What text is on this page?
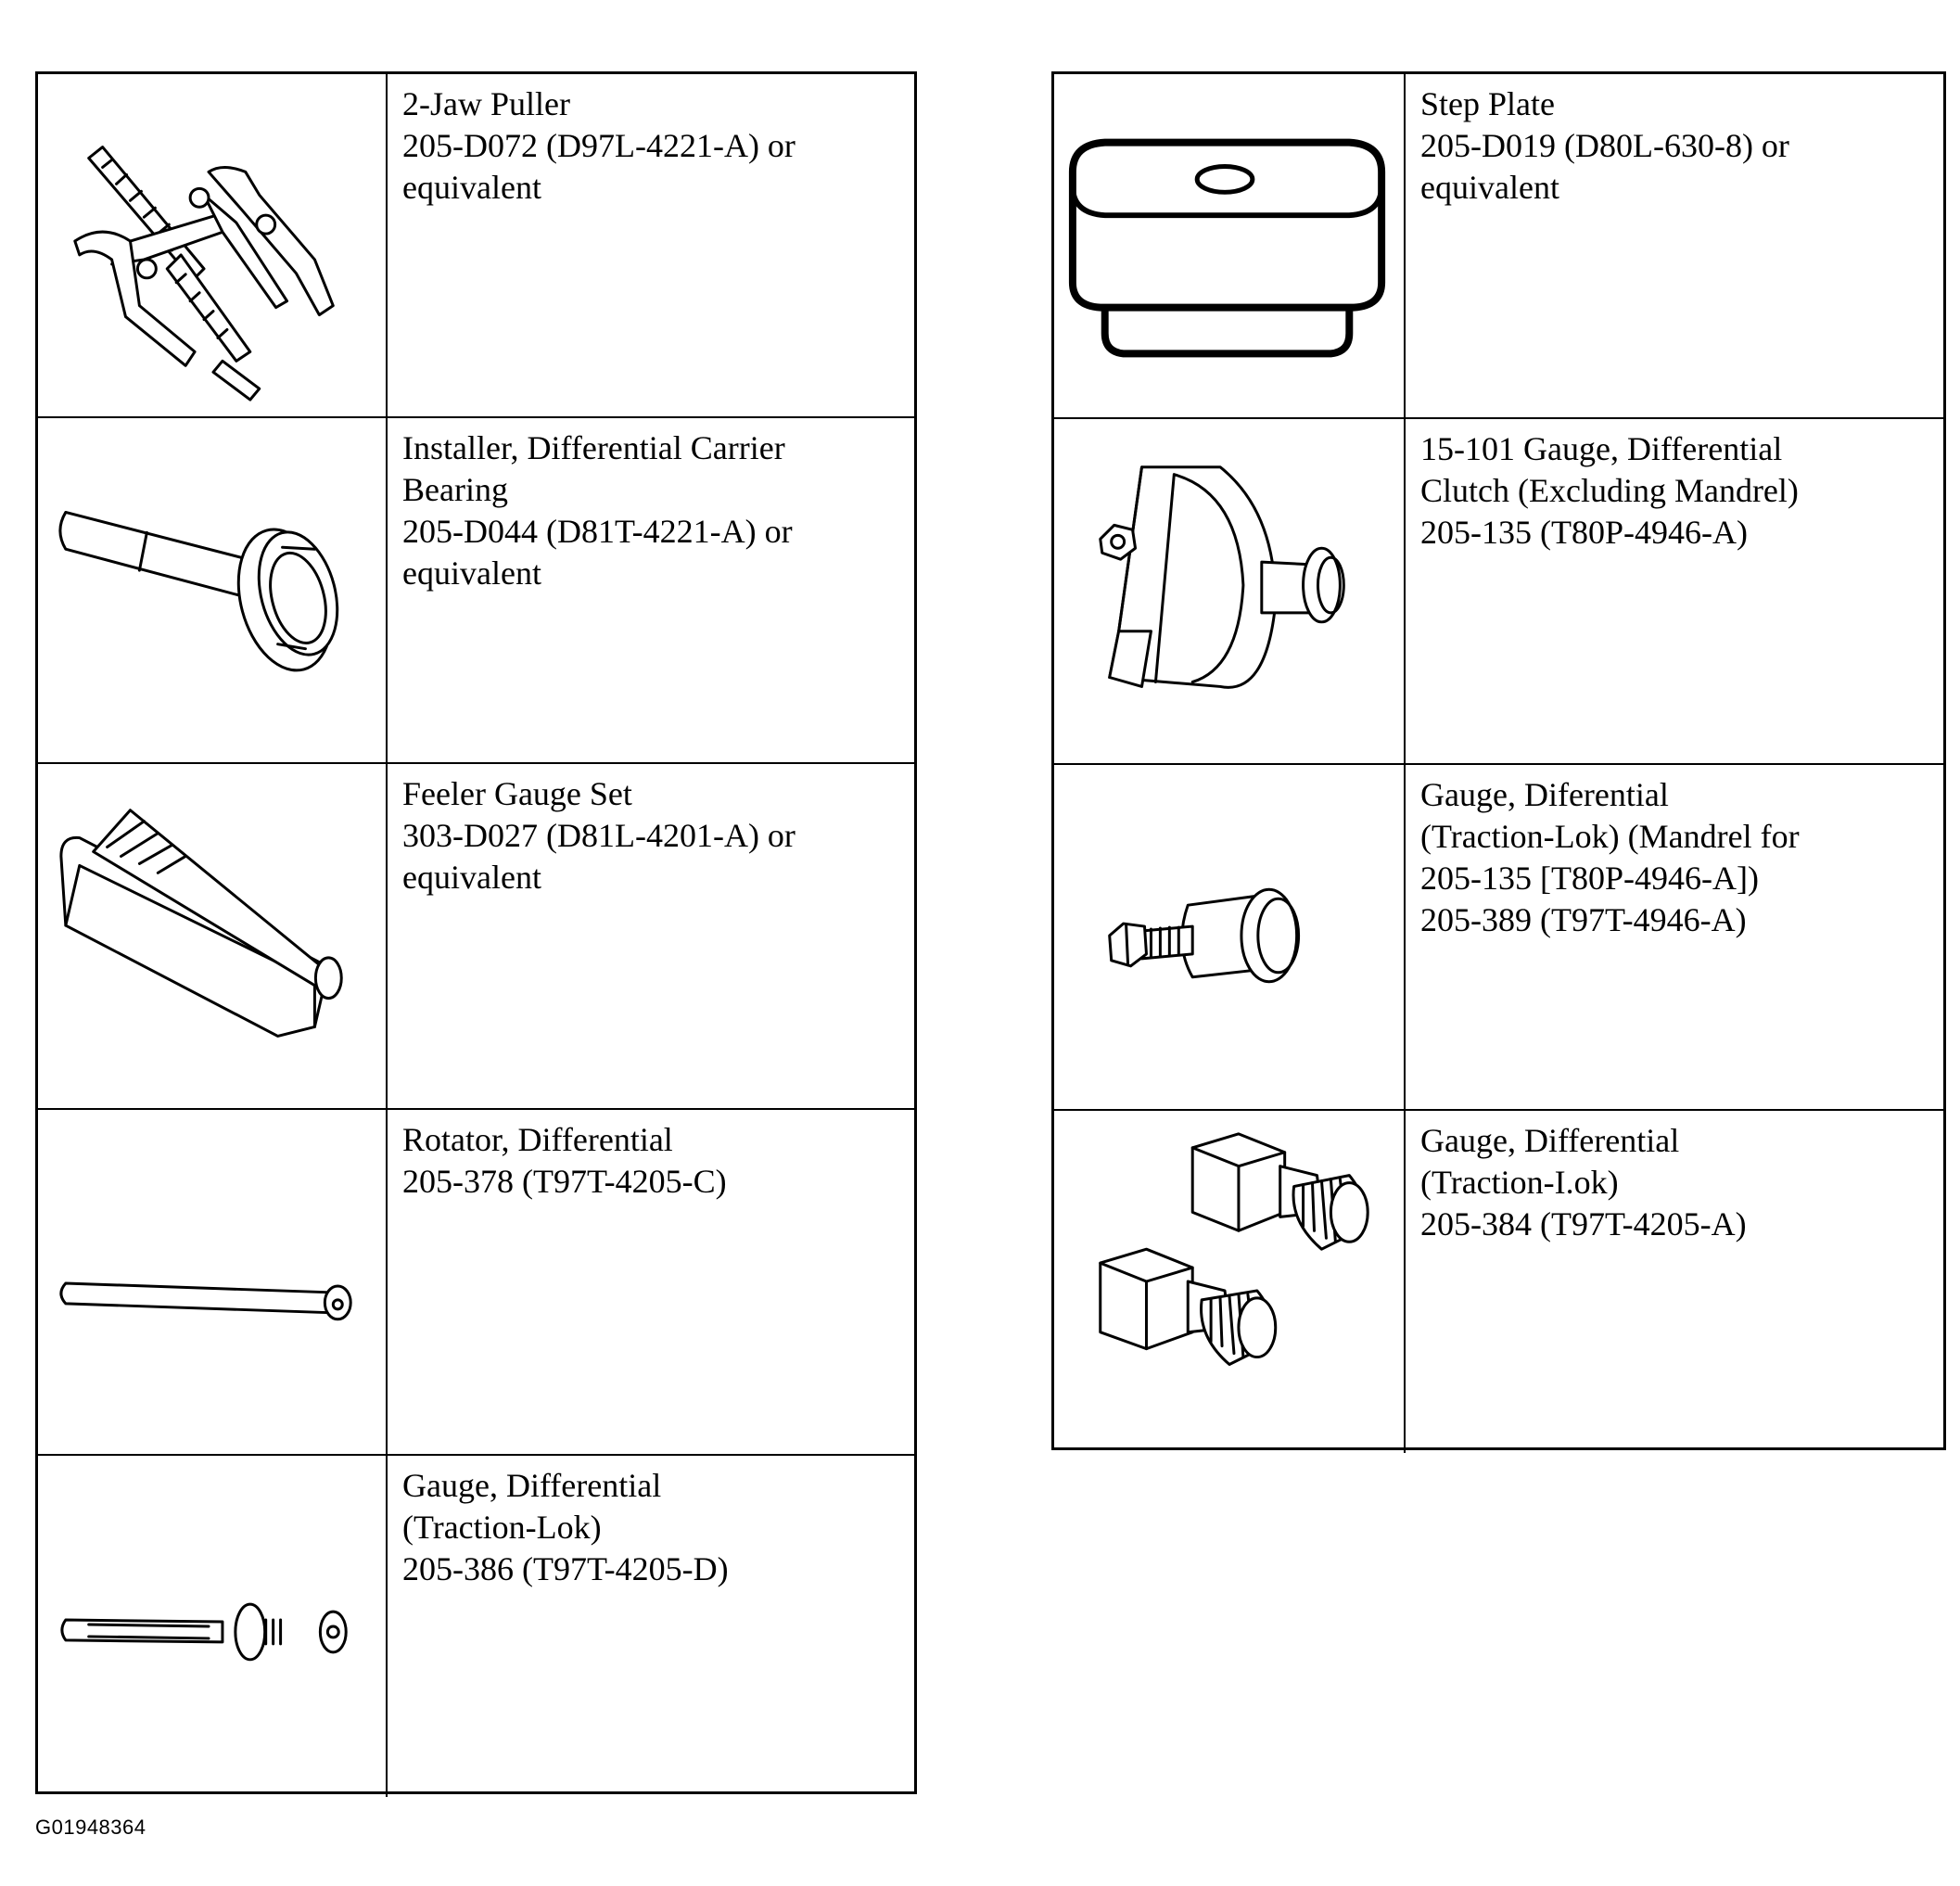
2-Jaw Puller
205-D072 (D97L-4221-A) or
equivalent
Installer, Differential Carrier
Bearing
205-D044 (D81T-4221-A) or
equivalent
Feeler Gauge Set
303-D027 (D81L-4201-A) or
equivalent
Rotator, Differential
205-378 (T97T-4205-C)
Gauge, Differential
(Traction-Lok)
205-386 (T97T-4205-D)
Step Plate
205-D019 (D80L-630-8) or
equivalent
15-101 Gauge, Differential
Clutch (Excluding Mandrel)
205-135 (T80P-4946-A)
Gauge, Diferential
(Traction-Lok) (Mandrel for
205-135 [T80P-4946-A])
205-389 (T97T-4946-A)
Gauge, Differential
(Traction-I.ok)
205-384 (T97T-4205-A)
G01948364
